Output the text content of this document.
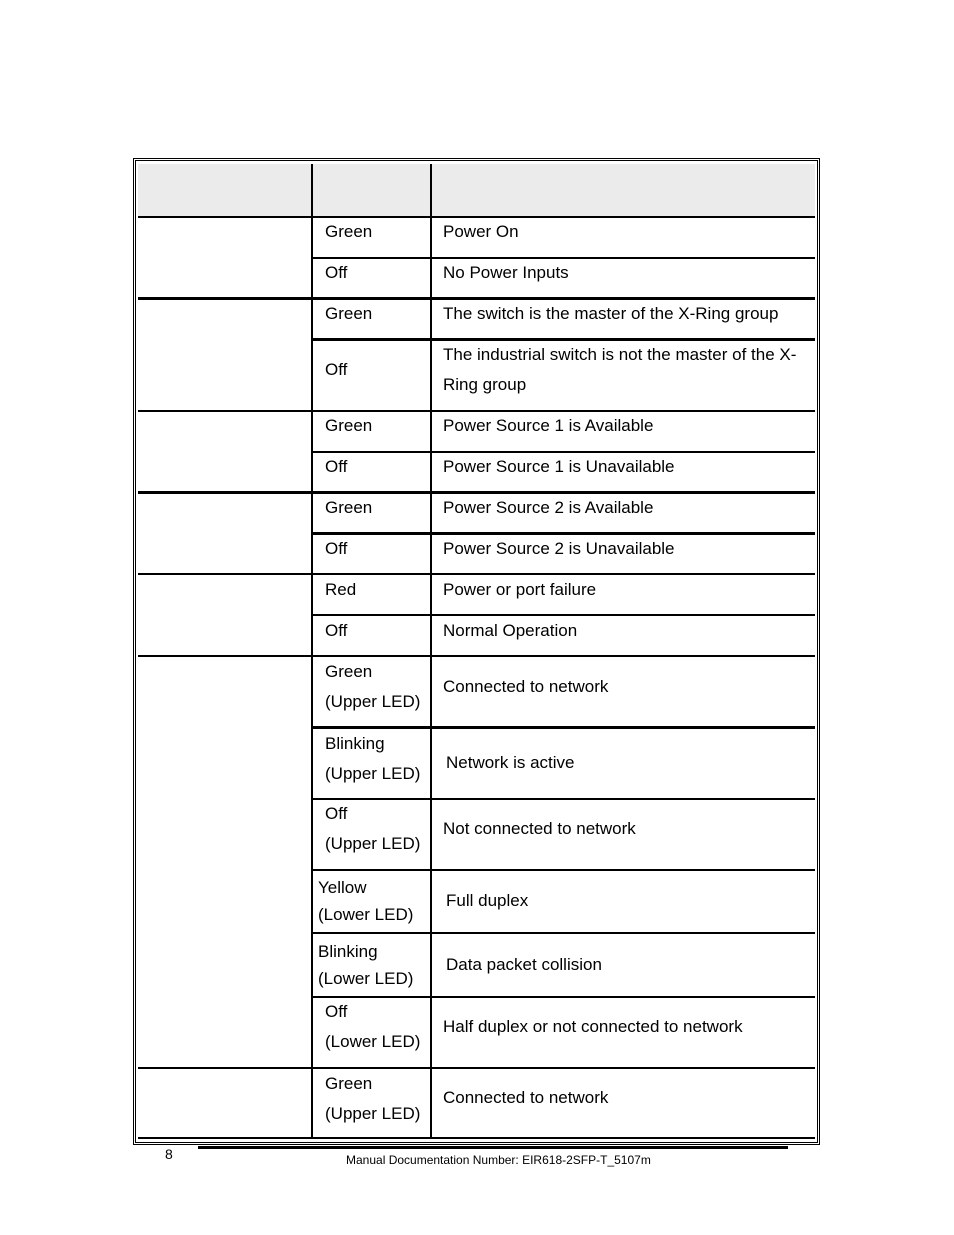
Green
Off
Green
Off
Green
Off
Green
Off
Red
Off
Green
(Upper LED)
Blinking
(Upper LED)
Off
(Upper LED)
Yellow
(Lower LED)
Blinking
(Lower LED)
Off
(Lower LED)
Green
(Upper LED)
Power On
No Power Inputs
The switch is the master of the X-Ring group
The industrial switch is not the master of the X-Ring group
Power Source 1 is Available
Power Source 1 is Unavailable
Power Source 2 is Available
Power Source 2 is Unavailable
Power or port failure
Normal Operation
Connected to network
Network is active
Not connected to network
Full duplex
Data packet collision
Half duplex or not connected to network
Connected to network
8	Manual Documentation Number: EIR618-2SFP-T_5107m
